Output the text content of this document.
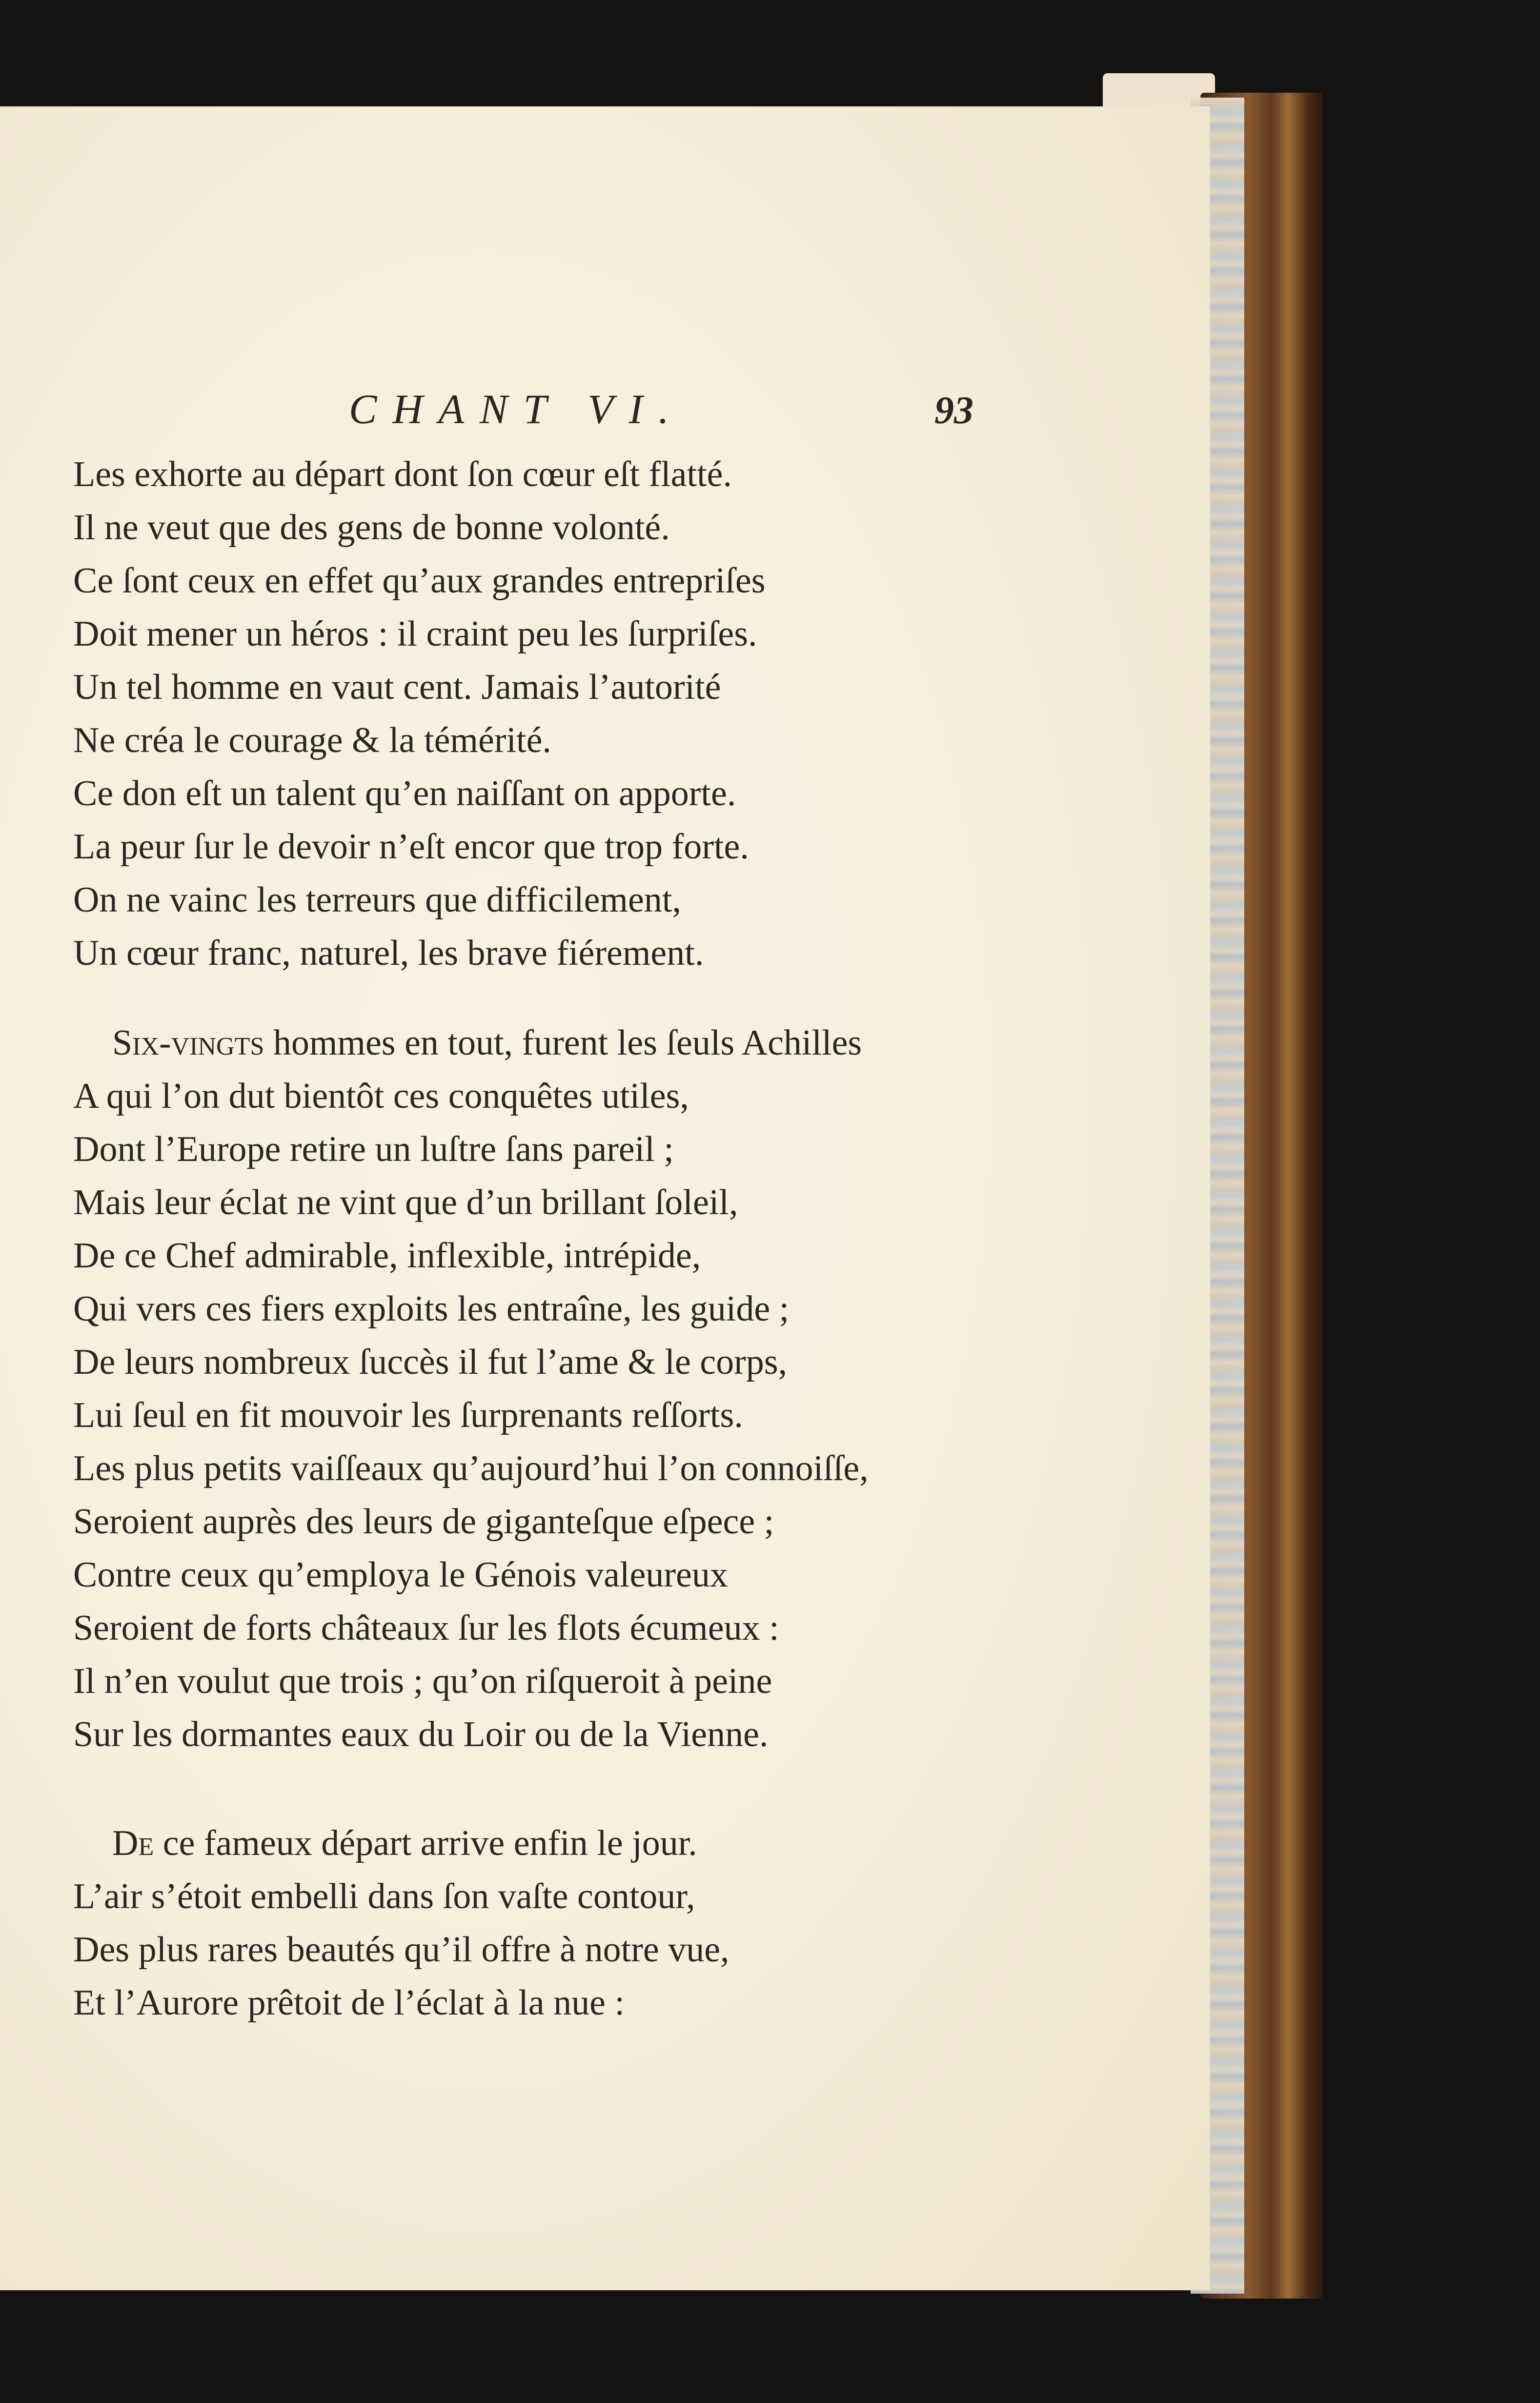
CHANT VI.	93
Les exhorte au départ dont ſon cœur eſt flatté.
Il ne veut que des gens de bonne volonté.
Ce ſont ceux en effet qu’aux grandes entrepriſes
Doit mener un héros : il craint peu les ſurpriſes.
Un tel homme en vaut cent. Jamais l’autorité
Ne créa le courage & la témérité.
Ce don eſt un talent qu’en naiſſant on apporte.
La peur ſur le devoir n’eſt encor que trop forte.
On ne vainc les terreurs que difficilement,
Un cœur franc, naturel, les brave fiérement.
Six-vingts hommes en tout, furent les ſeuls Achilles
A qui l’on dut bientôt ces conquêtes utiles,
Dont l’Europe retire un luſtre ſans pareil ;
Mais leur éclat ne vint que d’un brillant ſoleil,
De ce Chef admirable, inflexible, intrépide,
Qui vers ces fiers exploits les entraîne, les guide ;
De leurs nombreux ſuccès il fut l’ame & le corps,
Lui ſeul en fit mouvoir les ſurprenants reſſorts.
Les plus petits vaiſſeaux qu’aujourd’hui l’on connoiſſe,
Seroient auprès des leurs de giganteſque eſpece ;
Contre ceux qu’employa le Génois valeureux
Seroient de forts châteaux ſur les flots écumeux :
Il n’en voulut que trois ; qu’on riſqueroit à peine
Sur les dormantes eaux du Loir ou de la Vienne.
De ce fameux départ arrive enfin le jour.
L’air s’étoit embelli dans ſon vaſte contour,
Des plus rares beautés qu’il offre à notre vue,
Et l’Aurore prêtoit de l’éclat à la nue :
